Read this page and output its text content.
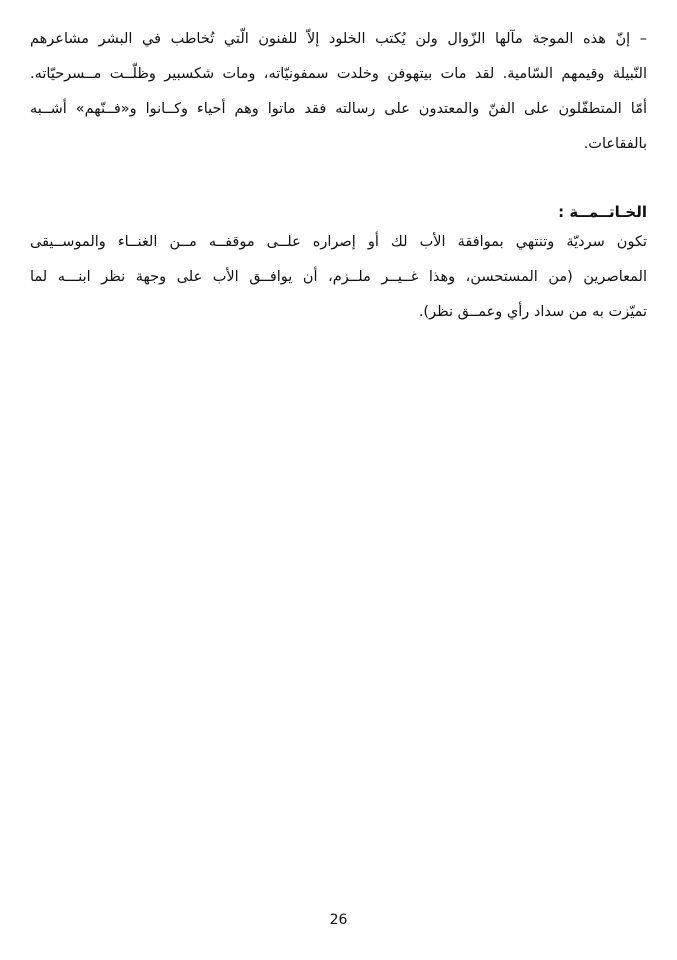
– إنّ هذه الموجة مآلها الزّوال ولن يُكتب الخلود إلاّ للفنون الّتي تُخاطب في البشر مشاعرهم
النّبيلة وقيمهم السّامية. لقد مات بيتهوفن وخلدت سمفونيّاته، ومات شكسبير وظلّــت مــسرحيّاته.
أمّا المتطفّلون على الفنّ والمعتدون على رسالته فقد ماتوا وهم أحياء وكــانوا و«فــنّهم» أشــبه
بالفقاعات.
الخـاتــمــة :
تكون سرديّة وتنتهي بموافقة الأب لك أو إصراره علــى موقفــه مــن الغنــاء والموســيقى
المعاصرين (من المستحسن، وهذا غــيــر ملــزم، أن يوافــق الأب على وجهة نظر ابنـــه لما
تميّزت به من سداد رأي وعمــق نظر).
26
